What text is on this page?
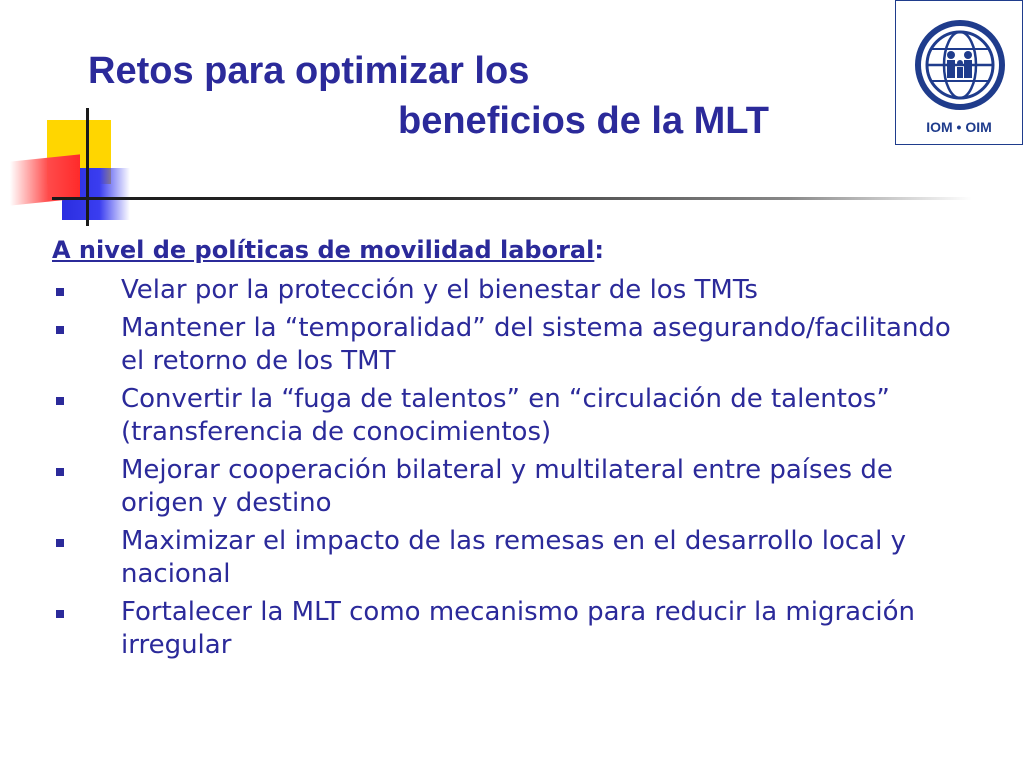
Retos para optimizar los
beneficios de la MLT	IOM • OIM
A nivel de políticas de movilidad laboral:
Velar por la protección y el bienestar de los TMTs
Mantener la “temporalidad” del sistema asegurando/facilitando el retorno de los TMT
Convertir la “fuga de talentos” en “circulación de talentos” (transferencia de conocimientos)
Mejorar cooperación bilateral y multilateral entre países de origen y destino
Maximizar el impacto de las remesas en el desarrollo local y nacional
Fortalecer la MLT como mecanismo para reducir la migración irregular
